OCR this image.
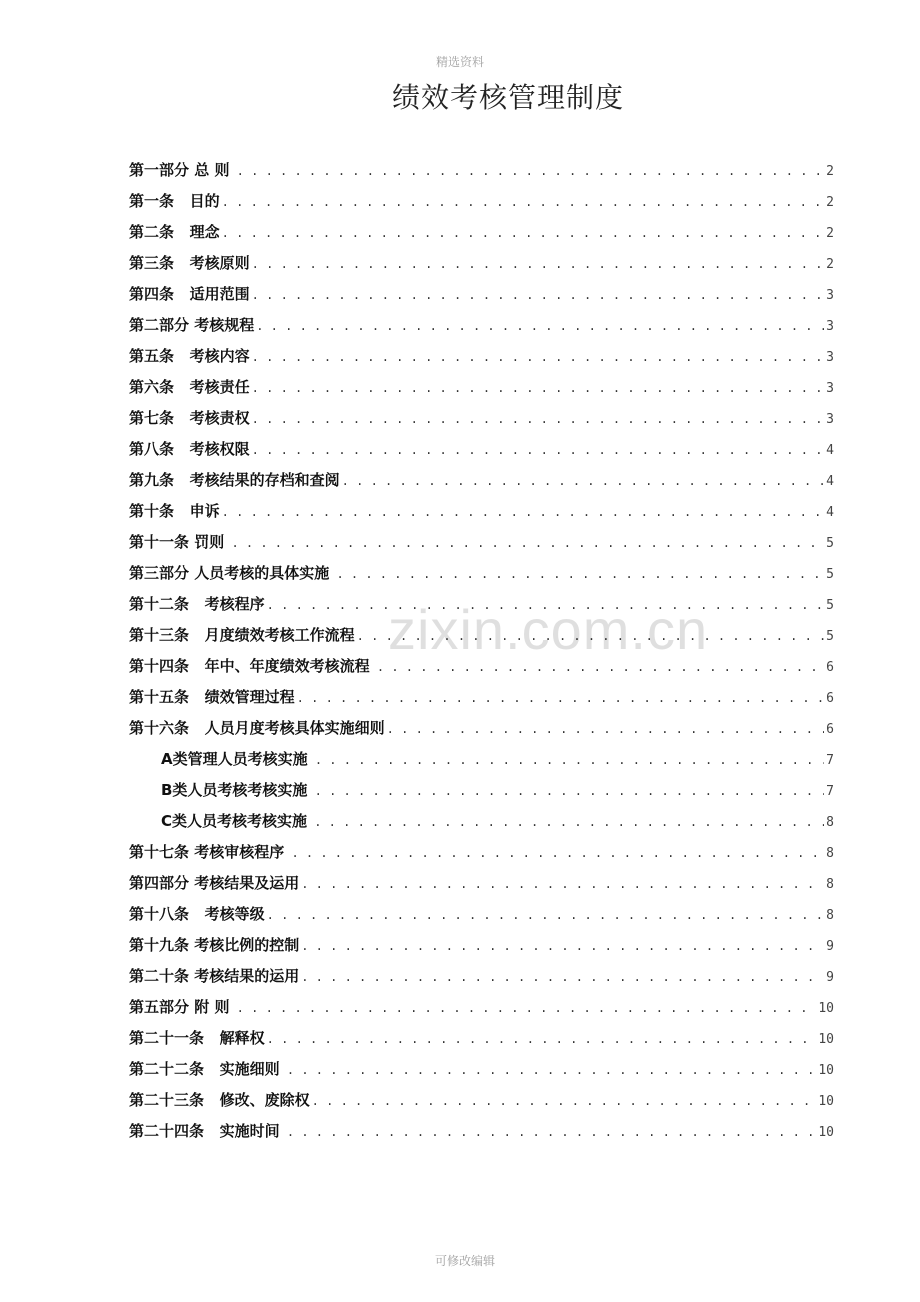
精选资料
绩效考核管理制度
第一部分 总 则 . . .	2
第一条   目的 . . .	2
第二条   理念 . . .	2
第三条   考核原则 . . .	2
第四条   适用范围 . . .	3
第二部分 考核规程 . . .	3
第五条   考核内容 . . .	3
第六条   考核责任 . . .	3
第七条   考核责权 . . .	3
第八条   考核权限 . . .	4
第九条   考核结果的存档和查阅 . . .	4
第十条   申诉 . . .	4
第十一条 罚则 . . .	5
第三部分 人员考核的具体实施 . . .	5
第十二条   考核程序 . . .	5
第十三条   月度绩效考核工作流程 . . .	5
第十四条   年中、年度绩效考核流程 . . .	6
第十五条   绩效管理过程 . . .	6
第十六条   人员月度考核具体实施细则 . . .	6
A类管理人员考核实施 . . .	7
B类人员考核考核实施 . . .	7
C类人员考核考核实施 . . .	8
第十七条 考核审核程序 . . .	8
第四部分 考核结果及运用 . . .	8
第十八条   考核等级 . . .	8
第十九条 考核比例的控制 . . .	9
第二十条 考核结果的运用 . . .	9
第五部分 附 则 . . .	10
第二十一条   解释权 . . .	10
第二十二条   实施细则 . . .	10
第二十三条   修改、废除权 . . .	10
第二十四条   实施时间 . . .	10
zixin.com.cn
可修改编辑
